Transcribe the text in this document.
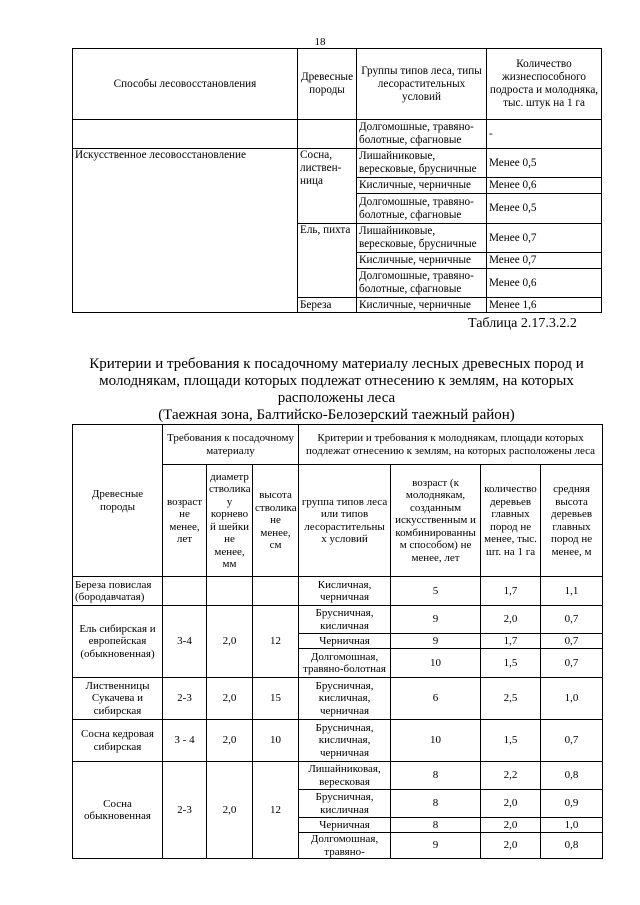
18
Способы лесовосстановления	Древесные породы	Группы типов леса, типы лесорастительных условий	Количество жизнеспособного подроста и молодняка, тыс. штук на 1 га
		Долгомошные, травяно-болотные, сфагновые	-
Искусственное лесовосстановление	Сосна, листвен-ница	Лишайниковые, вересковые, брусничные	Менее 0,5
		Кисличные, черничные	Менее 0,6
		Долгомошные, травяно-болотные, сфагновые	Менее 0,5
	Ель, пихта	Лишайниковые, вересковые, брусничные	Менее 0,7
		Кисличные, черничные	Менее 0,7
		Долгомошные, травяно-болотные, сфагновые	Менее 0,6
	Береза	Кисличные, черничные	Менее 1,6
Таблица 2.17.3.2.2
Критерии и требования к посадочному материалу лесных древесных пород и молоднякам, площади которых подлежат отнесению к землям, на которых расположены леса
(Таежная зона, Балтийско-Белозерский таежный район)
Древесные породы	Требования к посадочному материалу			Критерии и требования к молоднякам, площади которых подлежат отнесению к землям, на которых расположены леса			
	возраст не менее, лет	диаметр стволика у корнево й шейки не менее, мм	высота стволика не менее, см	группа типов леса или типов лесорастительны х условий	возраст (к молоднякам, созданным искусственным и комбинированны м способом) не менее, лет	количество деревьев главных пород не менее, тыс. шт. на 1 га	средняя высота деревьев главных пород не менее, м
Береза повислая (бородавчатая)				Кисличная, черничная	5	1,7	1,1
Ель сибирская и европейская (обыкновенная)	3-4	2,0	12	Брусничная, кисличная	9	2,0	0,7
				Черничная	9	1,7	0,7
				Долгомошная, травяно-болотная	10	1,5	0,7
Лиственницы Сукачева и сибирская	2-3	2,0	15	Брусничная, кисличная, черничная	6	2,5	1,0
Сосна кедровая сибирская	3 - 4	2,0	10	Брусничная, кисличная, черничная	10	1,5	0,7
Сосна обыкновенная	2-3	2,0	12	Лишайниковая, вересковая	8	2,2	0,8
				Брусничная, кисличная	8	2,0	0,9
				Черничная	8	2,0	1,0
				Долгомошная, травяно-	9	2,0	0,8
